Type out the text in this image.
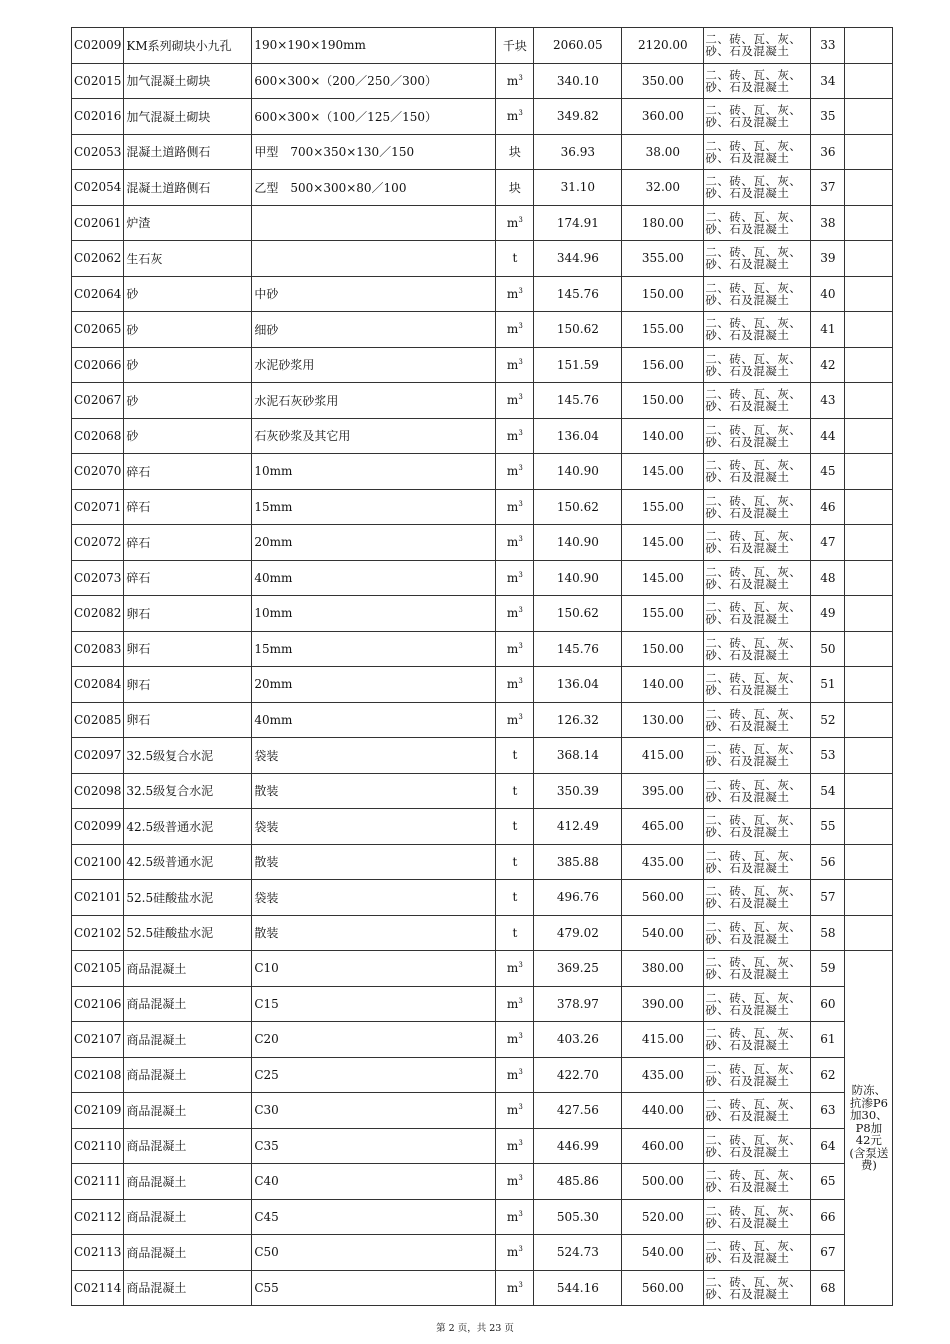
C02009	KM系列砌块小九孔	190×190×190mm	千块	2060.05	2120.00	二、砖、瓦、灰、砂、石及混凝土	33	
C02015	加气混凝土砌块	600×300×（200／250／300）	$m^3$	340.10	350.00	二、砖、瓦、灰、砂、石及混凝土	34	
C02016	加气混凝土砌块	600×300×（100／125／150）	$m^3$	349.82	360.00	二、砖、瓦、灰、砂、石及混凝土	35	
C02053	混凝土道路侧石	甲型　700×350×130／150	块	36.93	38.00	二、砖、瓦、灰、砂、石及混凝土	36	
C02054	混凝土道路侧石	乙型　500×300×80／100	块	31.10	32.00	二、砖、瓦、灰、砂、石及混凝土	37	
C02061	炉渣		$m^3$	174.91	180.00	二、砖、瓦、灰、砂、石及混凝土	38	
C02062	生石灰		t	344.96	355.00	二、砖、瓦、灰、砂、石及混凝土	39	
C02064	砂	中砂	$m^3$	145.76	150.00	二、砖、瓦、灰、砂、石及混凝土	40	
C02065	砂	细砂	$m^3$	150.62	155.00	二、砖、瓦、灰、砂、石及混凝土	41	
C02066	砂	水泥砂浆用	$m^3$	151.59	156.00	二、砖、瓦、灰、砂、石及混凝土	42	
C02067	砂	水泥石灰砂浆用	$m^3$	145.76	150.00	二、砖、瓦、灰、砂、石及混凝土	43	
C02068	砂	石灰砂浆及其它用	$m^3$	136.04	140.00	二、砖、瓦、灰、砂、石及混凝土	44	
C02070	碎石	10mm	$m^3$	140.90	145.00	二、砖、瓦、灰、砂、石及混凝土	45	
C02071	碎石	15mm	$m^3$	150.62	155.00	二、砖、瓦、灰、砂、石及混凝土	46	
C02072	碎石	20mm	$m^3$	140.90	145.00	二、砖、瓦、灰、砂、石及混凝土	47	
C02073	碎石	40mm	$m^3$	140.90	145.00	二、砖、瓦、灰、砂、石及混凝土	48	
C02082	卵石	10mm	$m^3$	150.62	155.00	二、砖、瓦、灰、砂、石及混凝土	49	
C02083	卵石	15mm	$m^3$	145.76	150.00	二、砖、瓦、灰、砂、石及混凝土	50	
C02084	卵石	20mm	$m^3$	136.04	140.00	二、砖、瓦、灰、砂、石及混凝土	51	
C02085	卵石	40mm	$m^3$	126.32	130.00	二、砖、瓦、灰、砂、石及混凝土	52	
C02097	32.5级复合水泥	袋装	t	368.14	415.00	二、砖、瓦、灰、砂、石及混凝土	53	
C02098	32.5级复合水泥	散装	t	350.39	395.00	二、砖、瓦、灰、砂、石及混凝土	54	
C02099	42.5级普通水泥	袋装	t	412.49	465.00	二、砖、瓦、灰、砂、石及混凝土	55	
C02100	42.5级普通水泥	散装	t	385.88	435.00	二、砖、瓦、灰、砂、石及混凝土	56	
C02101	52.5硅酸盐水泥	袋装	t	496.76	560.00	二、砖、瓦、灰、砂、石及混凝土	57	
C02102	52.5硅酸盐水泥	散装	t	479.02	540.00	二、砖、瓦、灰、砂、石及混凝土	58	
C02105	商品混凝土	C10	$m^3$	369.25	380.00	二、砖、瓦、灰、砂、石及混凝土	59	防冻、抗渗P6加30、P8加42元(含泵送费)
C02106	商品混凝土	C15	$m^3$	378.97	390.00	二、砖、瓦、灰、砂、石及混凝土	60	
C02107	商品混凝土	C20	$m^3$	403.26	415.00	二、砖、瓦、灰、砂、石及混凝土	61	
C02108	商品混凝土	C25	$m^3$	422.70	435.00	二、砖、瓦、灰、砂、石及混凝土	62	
C02109	商品混凝土	C30	$m^3$	427.56	440.00	二、砖、瓦、灰、砂、石及混凝土	63	
C02110	商品混凝土	C35	$m^3$	446.99	460.00	二、砖、瓦、灰、砂、石及混凝土	64	
C02111	商品混凝土	C40	$m^3$	485.86	500.00	二、砖、瓦、灰、砂、石及混凝土	65	
C02112	商品混凝土	C45	$m^3$	505.30	520.00	二、砖、瓦、灰、砂、石及混凝土	66	
C02113	商品混凝土	C50	$m^3$	524.73	540.00	二、砖、瓦、灰、砂、石及混凝土	67	
C02114	商品混凝土	C55	$m^3$	544.16	560.00	二、砖、瓦、灰、砂、石及混凝土	68	
第 2 页，共 23 页
